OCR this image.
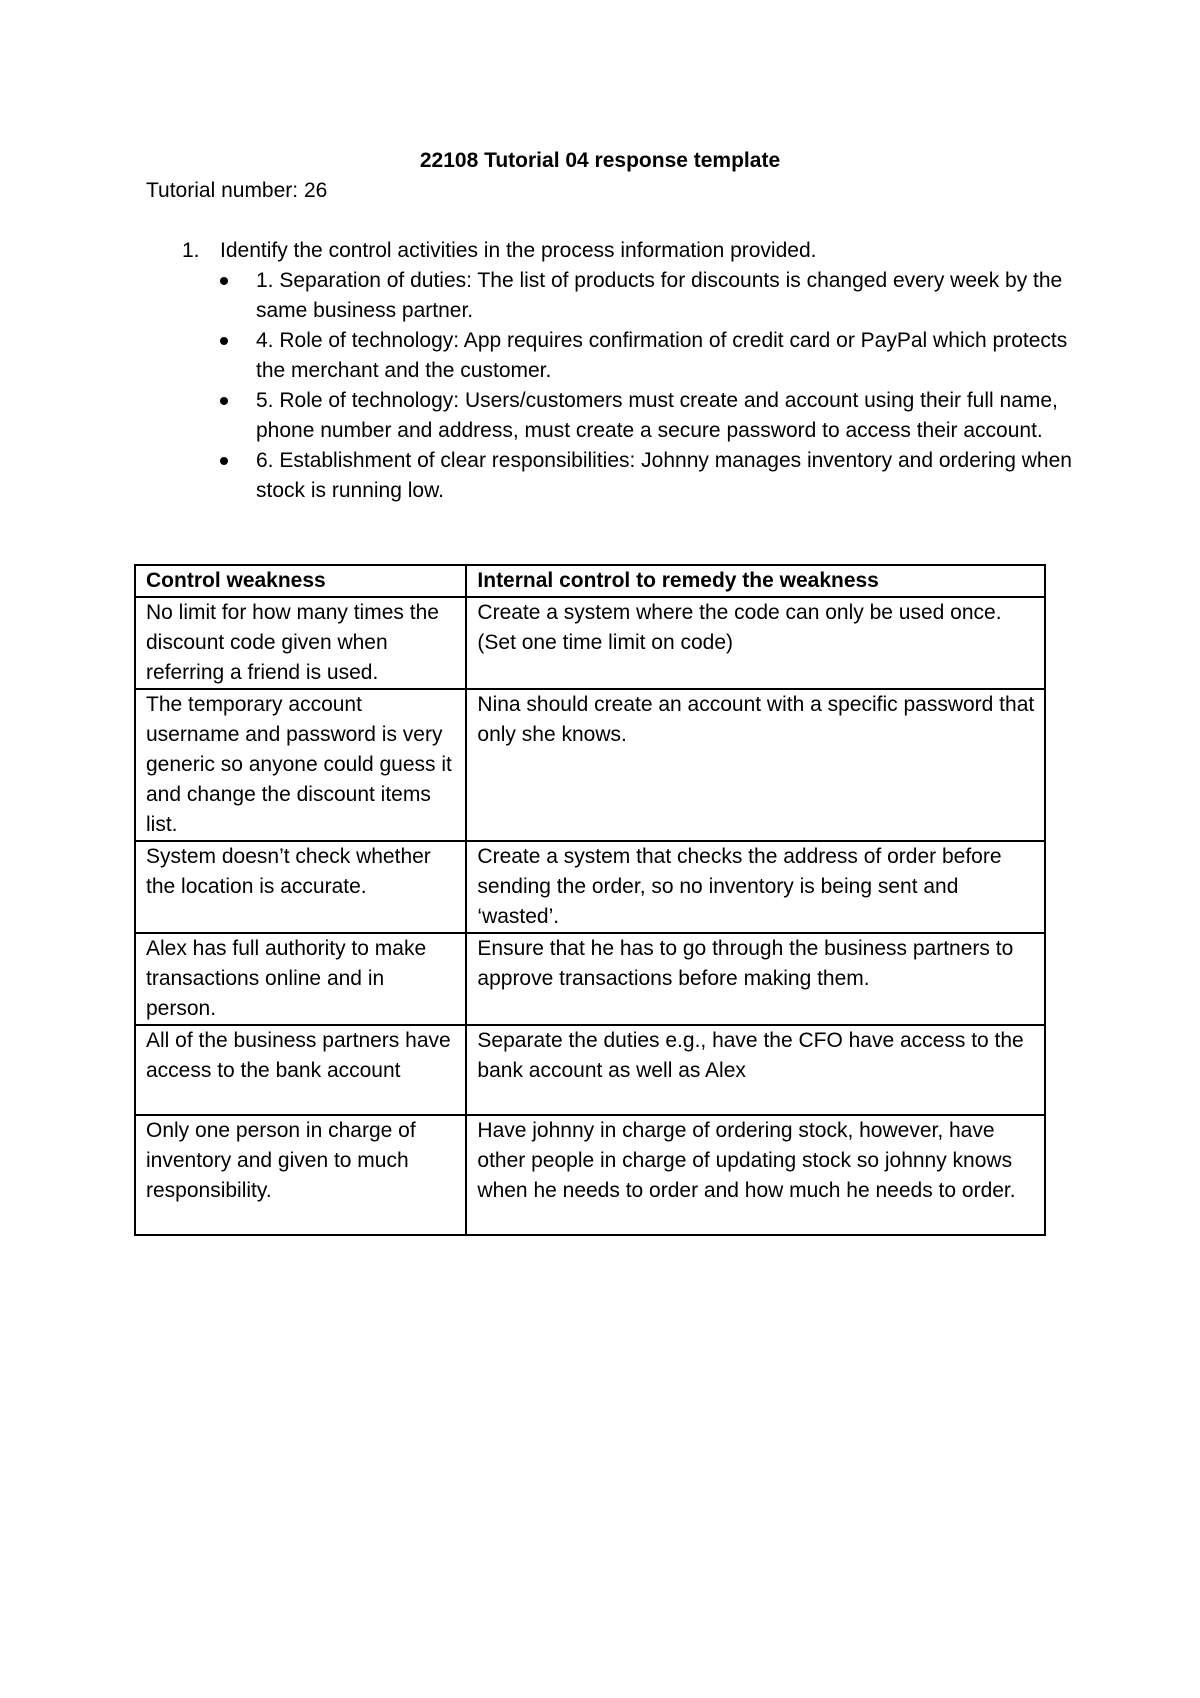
22108 Tutorial 04 response template
Tutorial number: 26
1. Identify the control activities in the process information provided.
1. Separation of duties: The list of products for discounts is changed every week by the same business partner.
4. Role of technology: App requires confirmation of credit card or PayPal which protects the merchant and the customer.
5. Role of technology: Users/customers must create and account using their full name, phone number and address, must create a secure password to access their account.
6. Establishment of clear responsibilities: Johnny manages inventory and ordering when stock is running low.
Control weakness	Internal control to remedy the weakness
No limit for how many times the discount code given when referring a friend is used.	Create a system where the code can only be used once. (Set one time limit on code)
The temporary account username and password is very generic so anyone could guess it and change the discount items list.	Nina should create an account with a specific password that only she knows.
System doesn’t check whether the location is accurate.	Create a system that checks the address of order before sending the order, so no inventory is being sent and ‘wasted’.
Alex has full authority to make transactions online and in person.	Ensure that he has to go through the business partners to approve transactions before making them.
All of the business partners have access to the bank account	Separate the duties e.g., have the CFO have access to the bank account as well as Alex
Only one person in charge of inventory and given to much responsibility.	Have johnny in charge of ordering stock, however, have other people in charge of updating stock so johnny knows when he needs to order and how much he needs to order.
